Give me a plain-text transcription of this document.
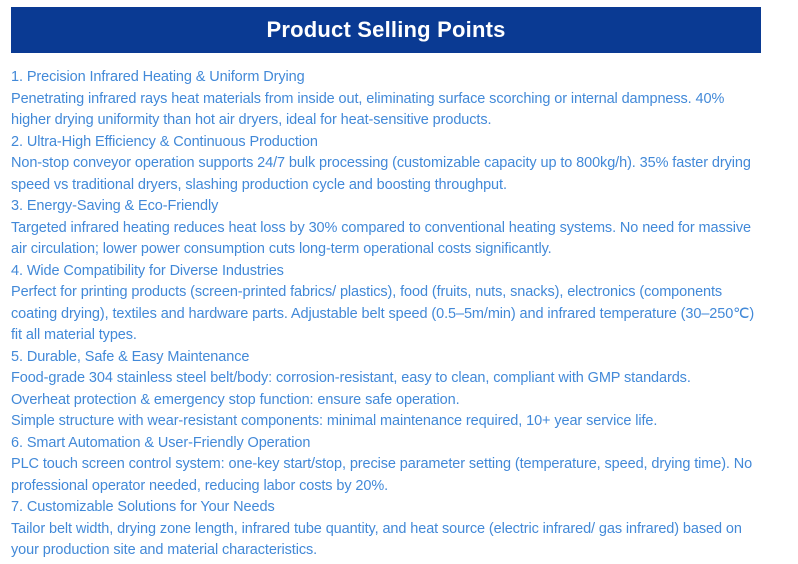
Product Selling Points
1. Precision Infrared Heating & Uniform Drying
Penetrating infrared rays heat materials from inside out, eliminating surface scorching or internal dampness. 40% higher drying uniformity than hot air dryers, ideal for heat-sensitive products.
2. Ultra-High Efficiency & Continuous Production
Non-stop conveyor operation supports 24/7 bulk processing (customizable capacity up to 800kg/h). 35% faster drying speed vs traditional dryers, slashing production cycle and boosting throughput.
3. Energy-Saving & Eco-Friendly
Targeted infrared heating reduces heat loss by 30% compared to conventional heating systems. No need for massive air circulation; lower power consumption cuts long-term operational costs significantly.
4. Wide Compatibility for Diverse Industries
Perfect for printing products (screen-printed fabrics/ plastics), food (fruits, nuts, snacks), electronics (components coating drying), textiles and hardware parts. Adjustable belt speed (0.5–5m/min) and infrared temperature (30–250℃) fit all material types.
5. Durable, Safe & Easy Maintenance
Food-grade 304 stainless steel belt/body: corrosion-resistant, easy to clean, compliant with GMP standards.
Overheat protection & emergency stop function: ensure safe operation.
Simple structure with wear-resistant components: minimal maintenance required, 10+ year service life.
6. Smart Automation & User-Friendly Operation
PLC touch screen control system: one-key start/stop, precise parameter setting (temperature, speed, drying time). No professional operator needed, reducing labor costs by 20%.
7. Customizable Solutions for Your Needs
Tailor belt width, drying zone length, infrared tube quantity, and heat source (electric infrared/ gas infrared) based on your production site and material characteristics.
